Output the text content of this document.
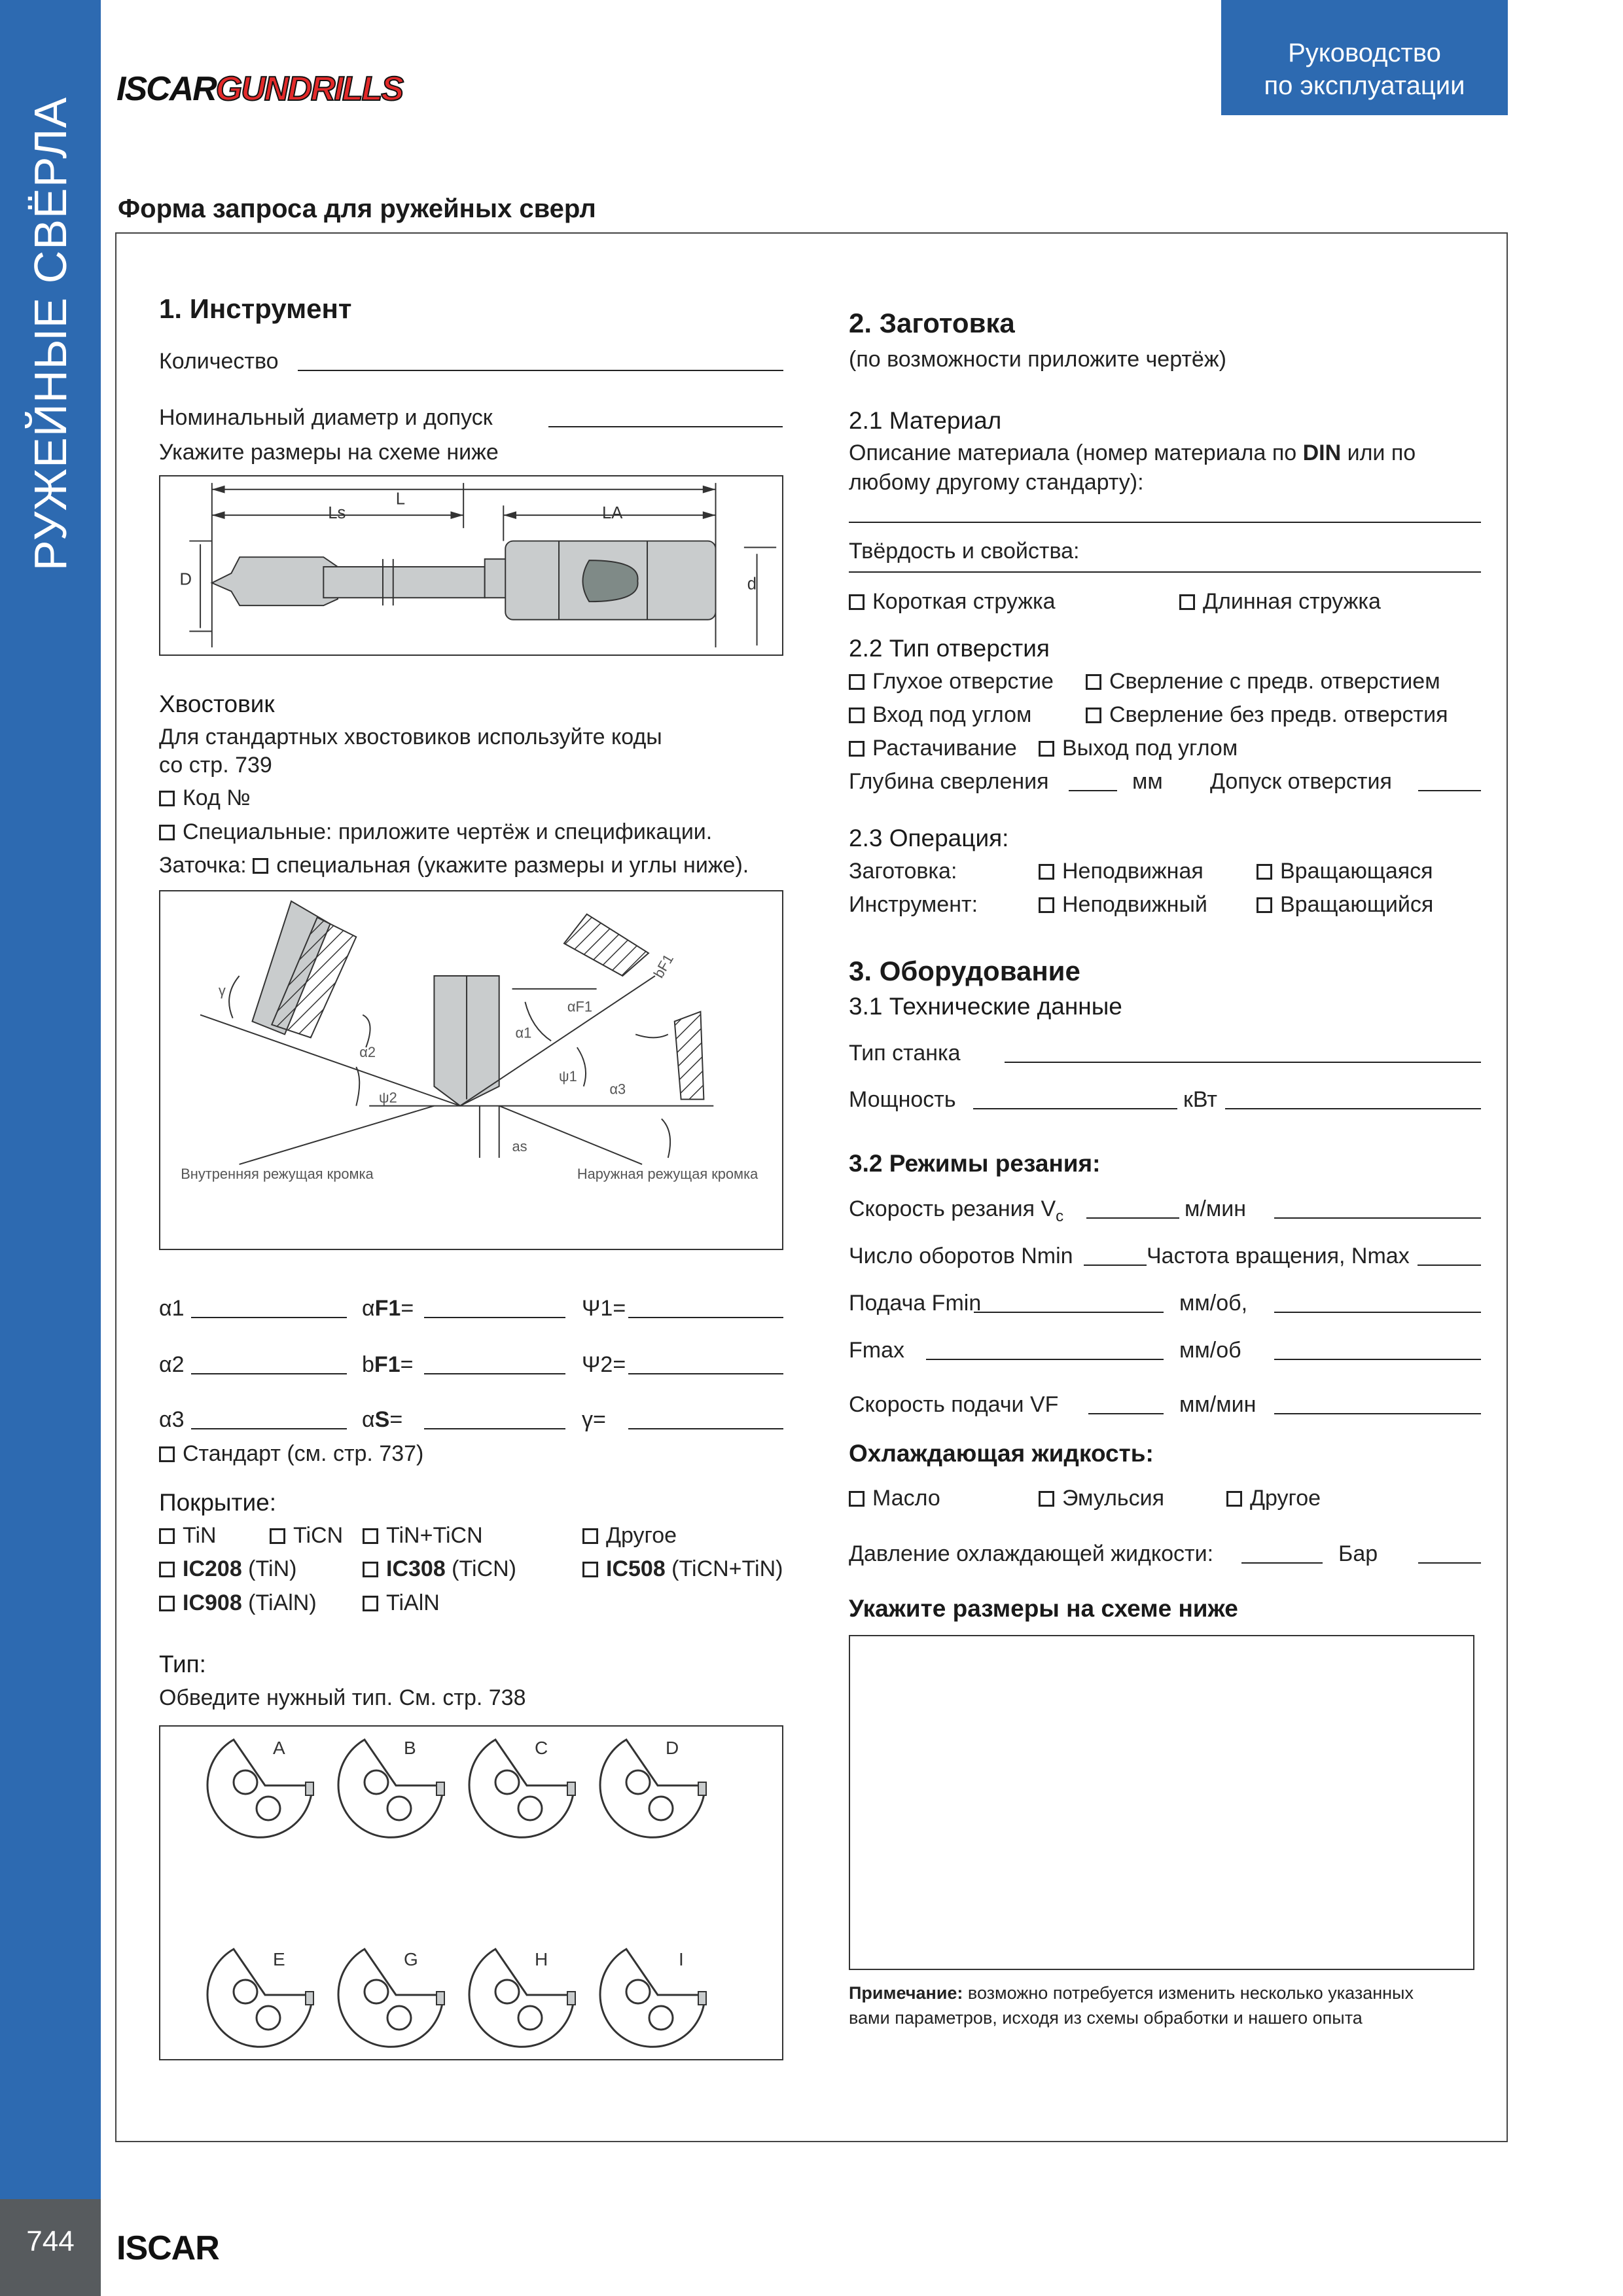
РУЖЕЙНЫЕ СВЁРЛА
744	ISCAR
ISCARGUNDRILLS
Руководство
по эксплуатации
Форма запроса для ружейных сверл
1. Инструмент
Количество
Номинальный диаметр и допуск
Укажите размеры на схеме ниже
L
Ls	LA
D	d
Хвостовик
Для стандартных хвостовиков используйте коды
со стр. 739
Код №
Специальные: приложите чертёж и спецификации.
Заточка: специальная (укажите размеры и углы ниже).
γ
α2
ψ2
α1
ψ1
αF1
bF1
α3
as
Внутренняя режущая кромка	Наружная режущая кромка
α1	αF1=	Ψ1=
α2	bF1=	Ψ2=
α3	αS=	γ=
Стандарт (см. стр. 737)
Покрытие:
TiN	TiCN	TiN+TiCN	Другое
IC208 (TiN)	IC308 (TiCN)	IC508 (TiCN+TiN)
IC908 (TiAlN)	TiAlN
Тип:
Обведите нужный тип. См. стр. 738
A	B	C	D
E	G	H	I
2. Заготовка
(по возможности приложите чертёж)
2.1 Материал
Описание материала (номер материала по DIN или по
любому другому стандарту):
Твёрдость и свойства:
Короткая стружка	Длинная стружка
2.2 Тип отверстия
Глухое отверстие	Сверление с предв. отверстием
Вход под углом	Сверление без предв. отверстия
Растачивание	Выход под углом
Глубина сверления	мм Допуск отверстия
2.3 Операция:
Заготовка:	Неподвижная	Вращающаяся
Инструмент:	Неподвижный	Вращающийся
3. Оборудование
3.1 Технические данные
Тип станка
Мощность	кВт
3.2 Режимы резания:
Скорость резания $V_c$	м/мин
Число оборотов Nmin	Частота вращения, Nmax
Подача Fmin	мм/об,
Fmax	мм/об
Скорость подачи VF	мм/мин
Охлаждающая жидкость:
Масло	Эмульсия	Другое
Давление охлаждающей жидкости:	Бар
Укажите размеры на схеме ниже
Примечание: возможно потребуется изменить несколько указанных
вами параметров, исходя из схемы обработки и нашего опыта
